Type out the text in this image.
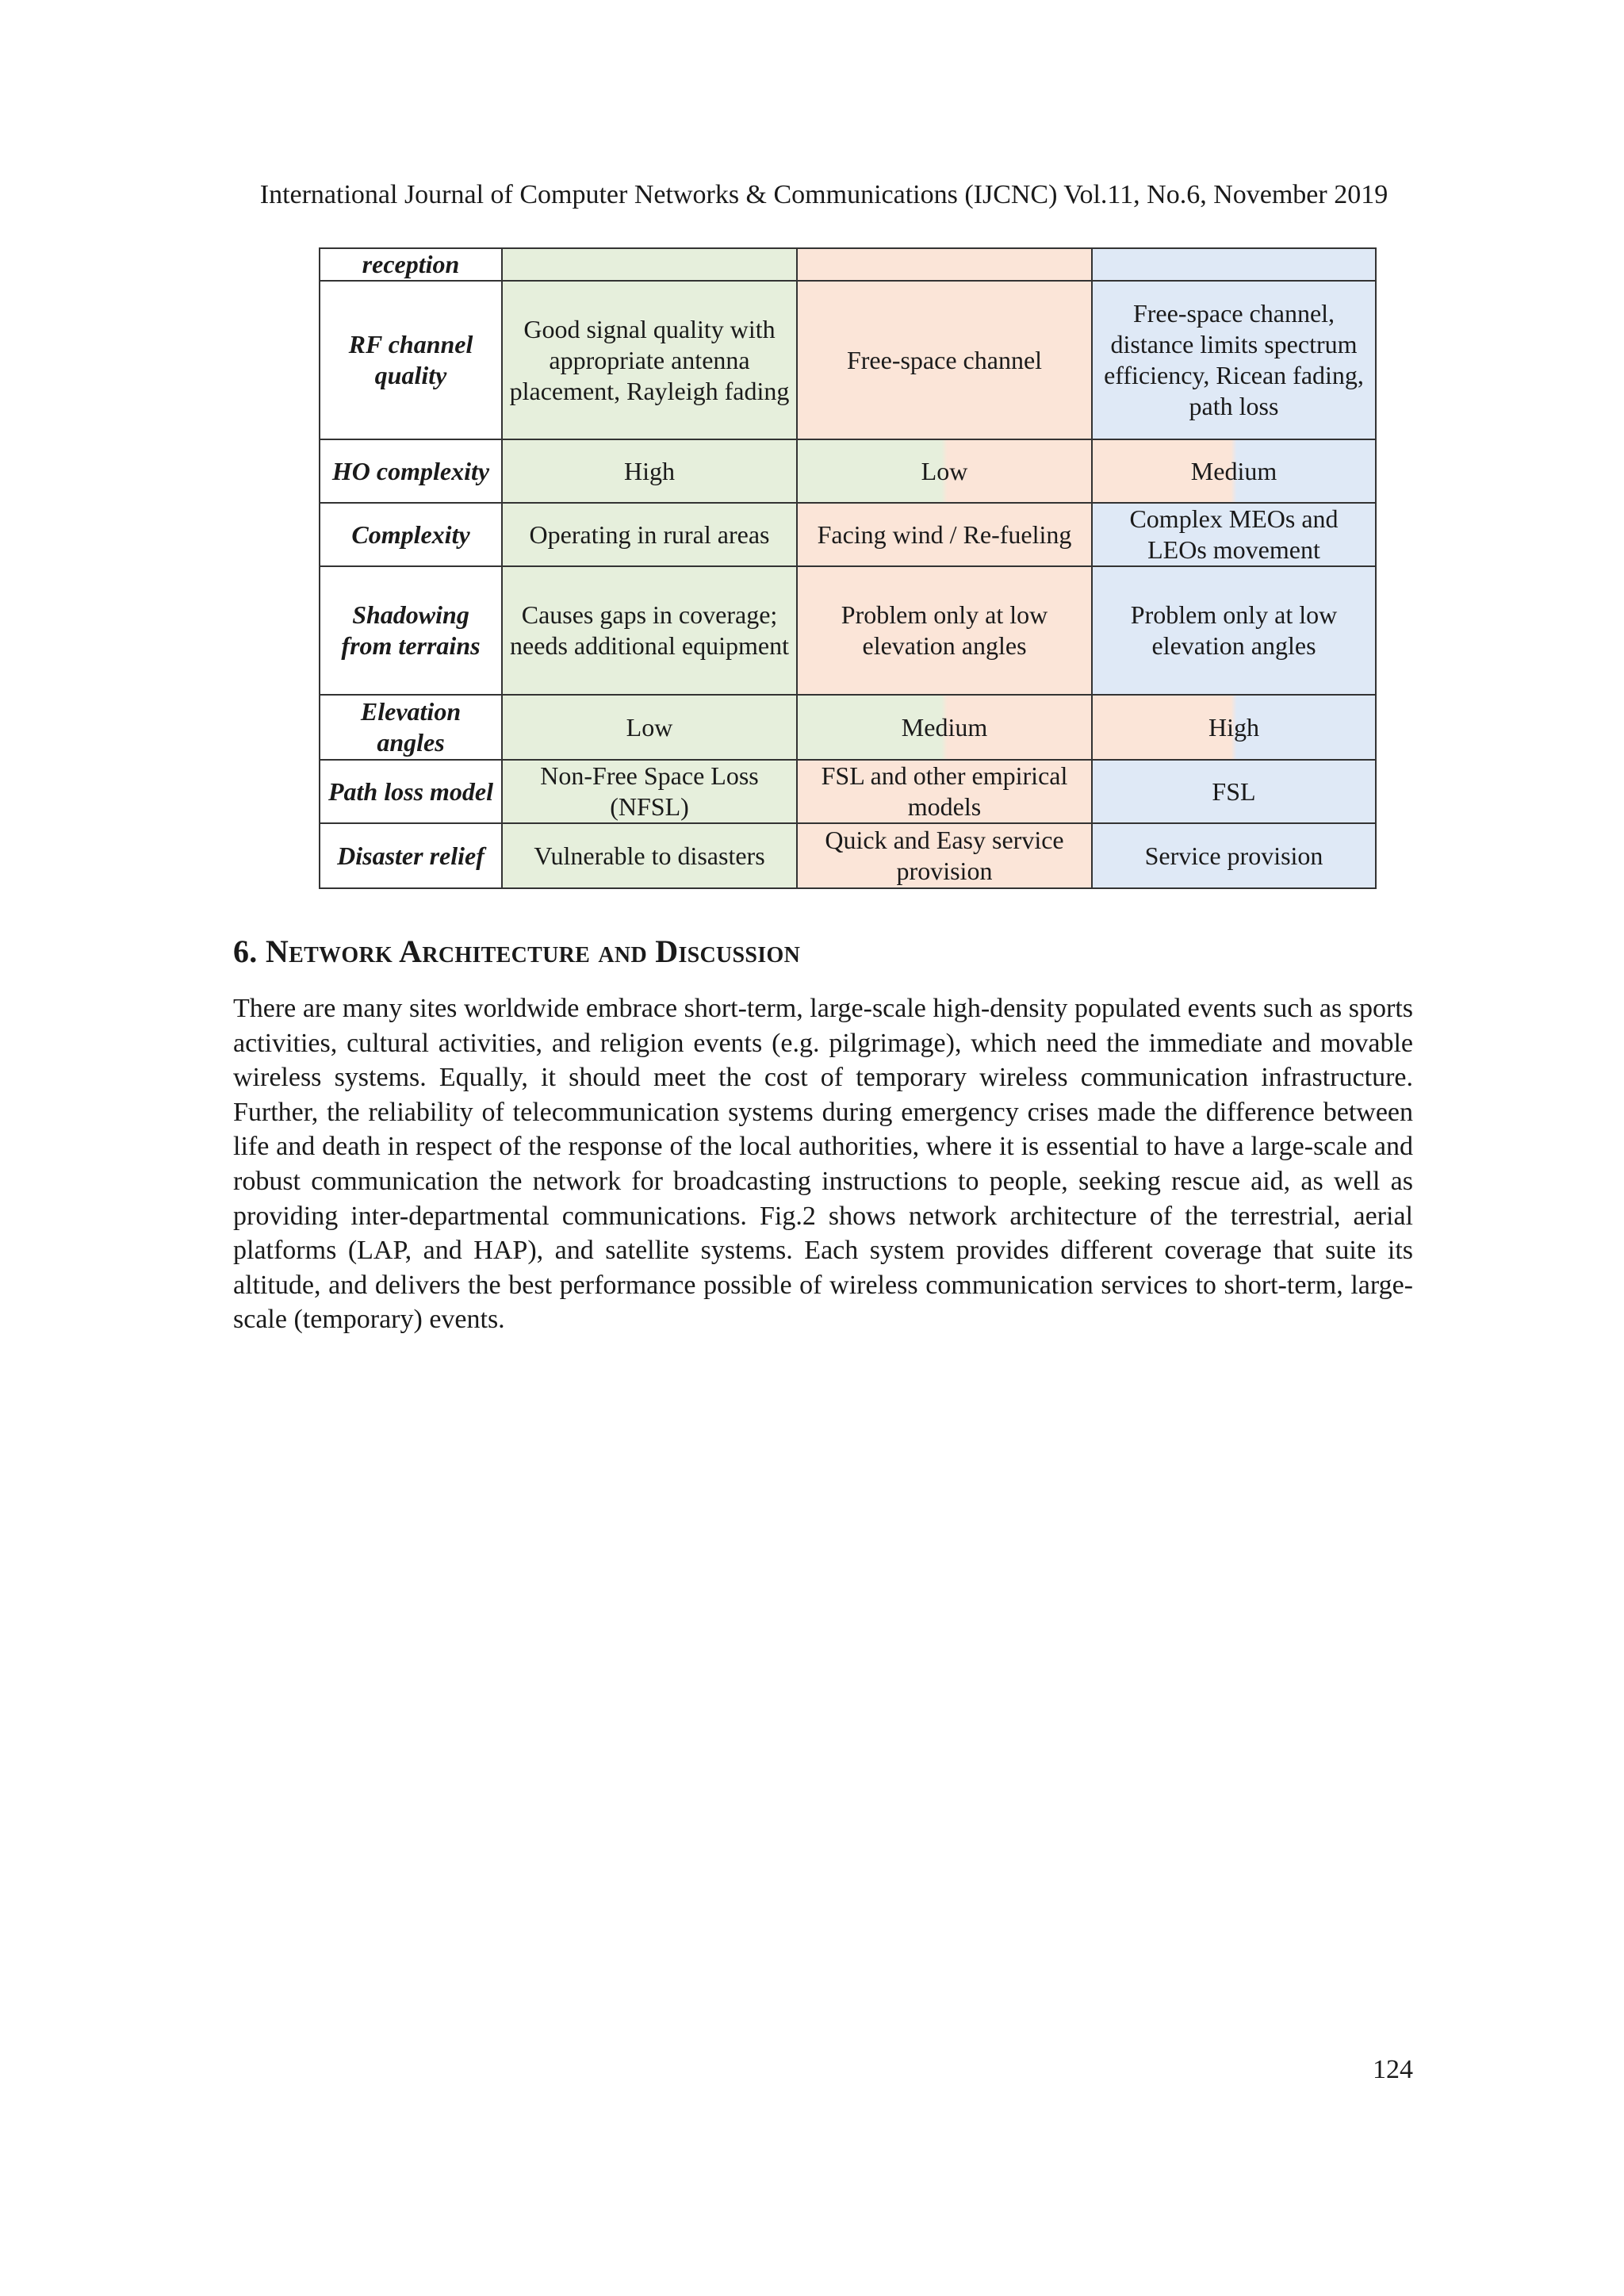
International Journal of Computer Networks & Communications (IJCNC) Vol.11, No.6, November 2019
reception			
RF channel quality	Good signal quality with appropriate antenna placement, Rayleigh fading	Free-space channel	Free-space channel, distance limits spectrum efficiency, Ricean fading, path loss
HO complexity	High	Low	Medium
Complexity	Operating in rural areas	Facing wind / Re-fueling	Complex MEOs and LEOs movement
Shadowing from terrains	Causes gaps in coverage; needs additional equipment	Problem only at low elevation angles	Problem only at low elevation angles
Elevation angles	Low	Medium	High
Path loss model	Non-Free Space Loss (NFSL)	FSL and other empirical models	FSL
Disaster relief	Vulnerable to disasters	Quick and Easy service provision	Service provision
6. Network Architecture and Discussion

There are many sites worldwide embrace short-term, large-scale high-density populated events such as sports activities, cultural activities, and religion events (e.g. pilgrimage), which need the immediate and movable wireless systems. Equally, it should meet the cost of temporary wireless communication infrastructure. Further, the reliability of telecommunication systems during emergency crises made the difference between life and death in respect of the response of the local authorities, where it is essential to have a large-scale and robust communication the network for broadcasting instructions to people, seeking rescue aid, as well as providing inter-departmental communications. Fig.2 shows network architecture of the terrestrial, aerial platforms (LAP, and HAP), and satellite systems. Each system provides different coverage that suite its altitude, and delivers the best performance possible of wireless communication services to short-term, large-scale (temporary) events.

124
